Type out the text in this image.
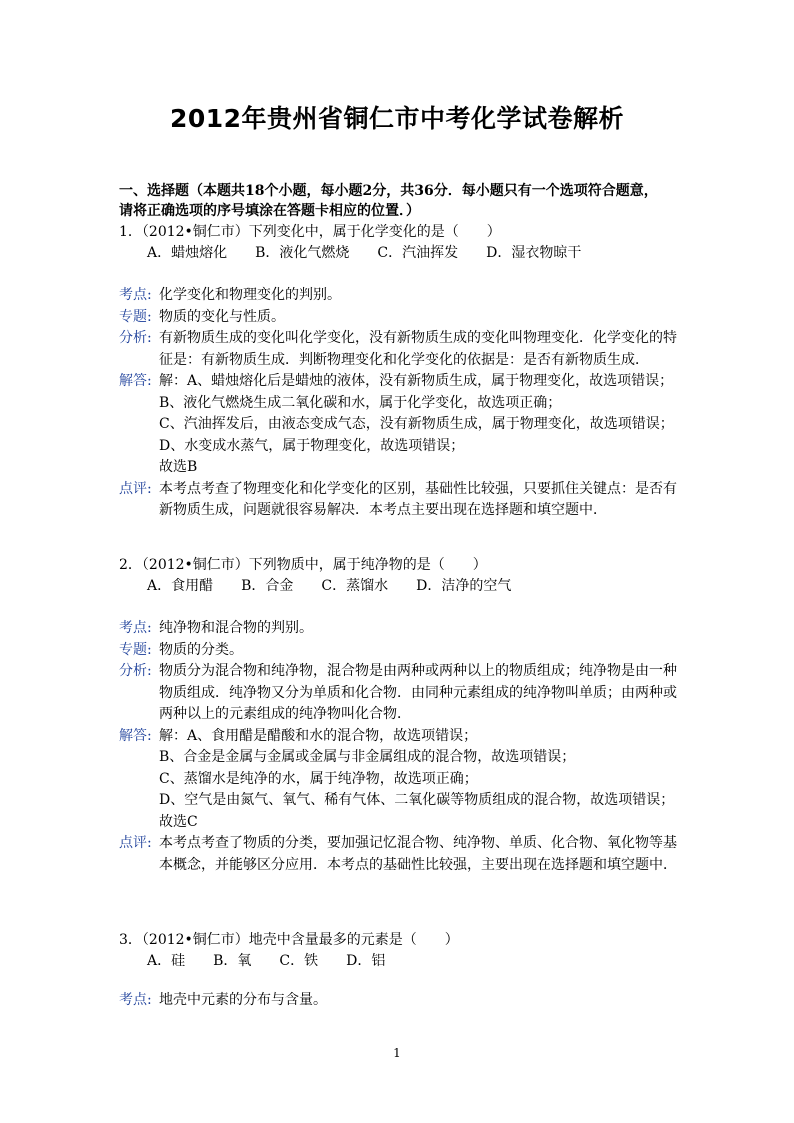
2012年贵州省铜仁市中考化学试卷解析
一、选择题（本题共18个小题，每小题2分，共36分．每小题只有一个选项符合题意，
请将正确选项的序号填涂在答题卡相应的位置．）
1．（2012•铜仁市）下列变化中，属于化学变化的是（　　）
A．蜡烛熔化　　B．液化气燃烧　　C．汽油挥发　　D．湿衣物晾干
考点: 化学变化和物理变化的判别。
专题: 物质的变化与性质。
分析: 有新物质生成的变化叫化学变化，没有新物质生成的变化叫物理变化．化学变化的特征是：有新物质生成．判断物理变化和化学变化的依据是：是否有新物质生成．
解答: 解：A、蜡烛熔化后是蜡烛的液体，没有新物质生成，属于物理变化，故选项错误；
B、液化气燃烧生成二氧化碳和水，属于化学变化，故选项正确；
C、汽油挥发后，由液态变成气态，没有新物质生成，属于物理变化，故选项错误；
D、水变成水蒸气，属于物理变化，故选项错误；
故选B
点评: 本考点考查了物理变化和化学变化的区别，基础性比较强，只要抓住关键点：是否有新物质生成，问题就很容易解决．本考点主要出现在选择题和填空题中．
2．（2012•铜仁市）下列物质中，属于纯净物的是（　　）
A．食用醋　　B．合金　　C．蒸馏水　　D．洁净的空气
考点: 纯净物和混合物的判别。
专题: 物质的分类。
分析: 物质分为混合物和纯净物，混合物是由两种或两种以上的物质组成；纯净物是由一种物质组成．纯净物又分为单质和化合物．由同种元素组成的纯净物叫单质；由两种或两种以上的元素组成的纯净物叫化合物．
解答: 解：A、食用醋是醋酸和水的混合物，故选项错误；
B、合金是金属与金属或金属与非金属组成的混合物，故选项错误；
C、蒸馏水是纯净的水，属于纯净物，故选项正确；
D、空气是由氮气、氧气、稀有气体、二氧化碳等物质组成的混合物，故选项错误；
故选C
点评: 本考点考查了物质的分类，要加强记忆混合物、纯净物、单质、化合物、氧化物等基本概念，并能够区分应用．本考点的基础性比较强，主要出现在选择题和填空题中．
3．（2012•铜仁市）地壳中含量最多的元素是（　　）
A．硅　　B．氧　　C．铁　　D．铝
考点: 地壳中元素的分布与含量。
1
